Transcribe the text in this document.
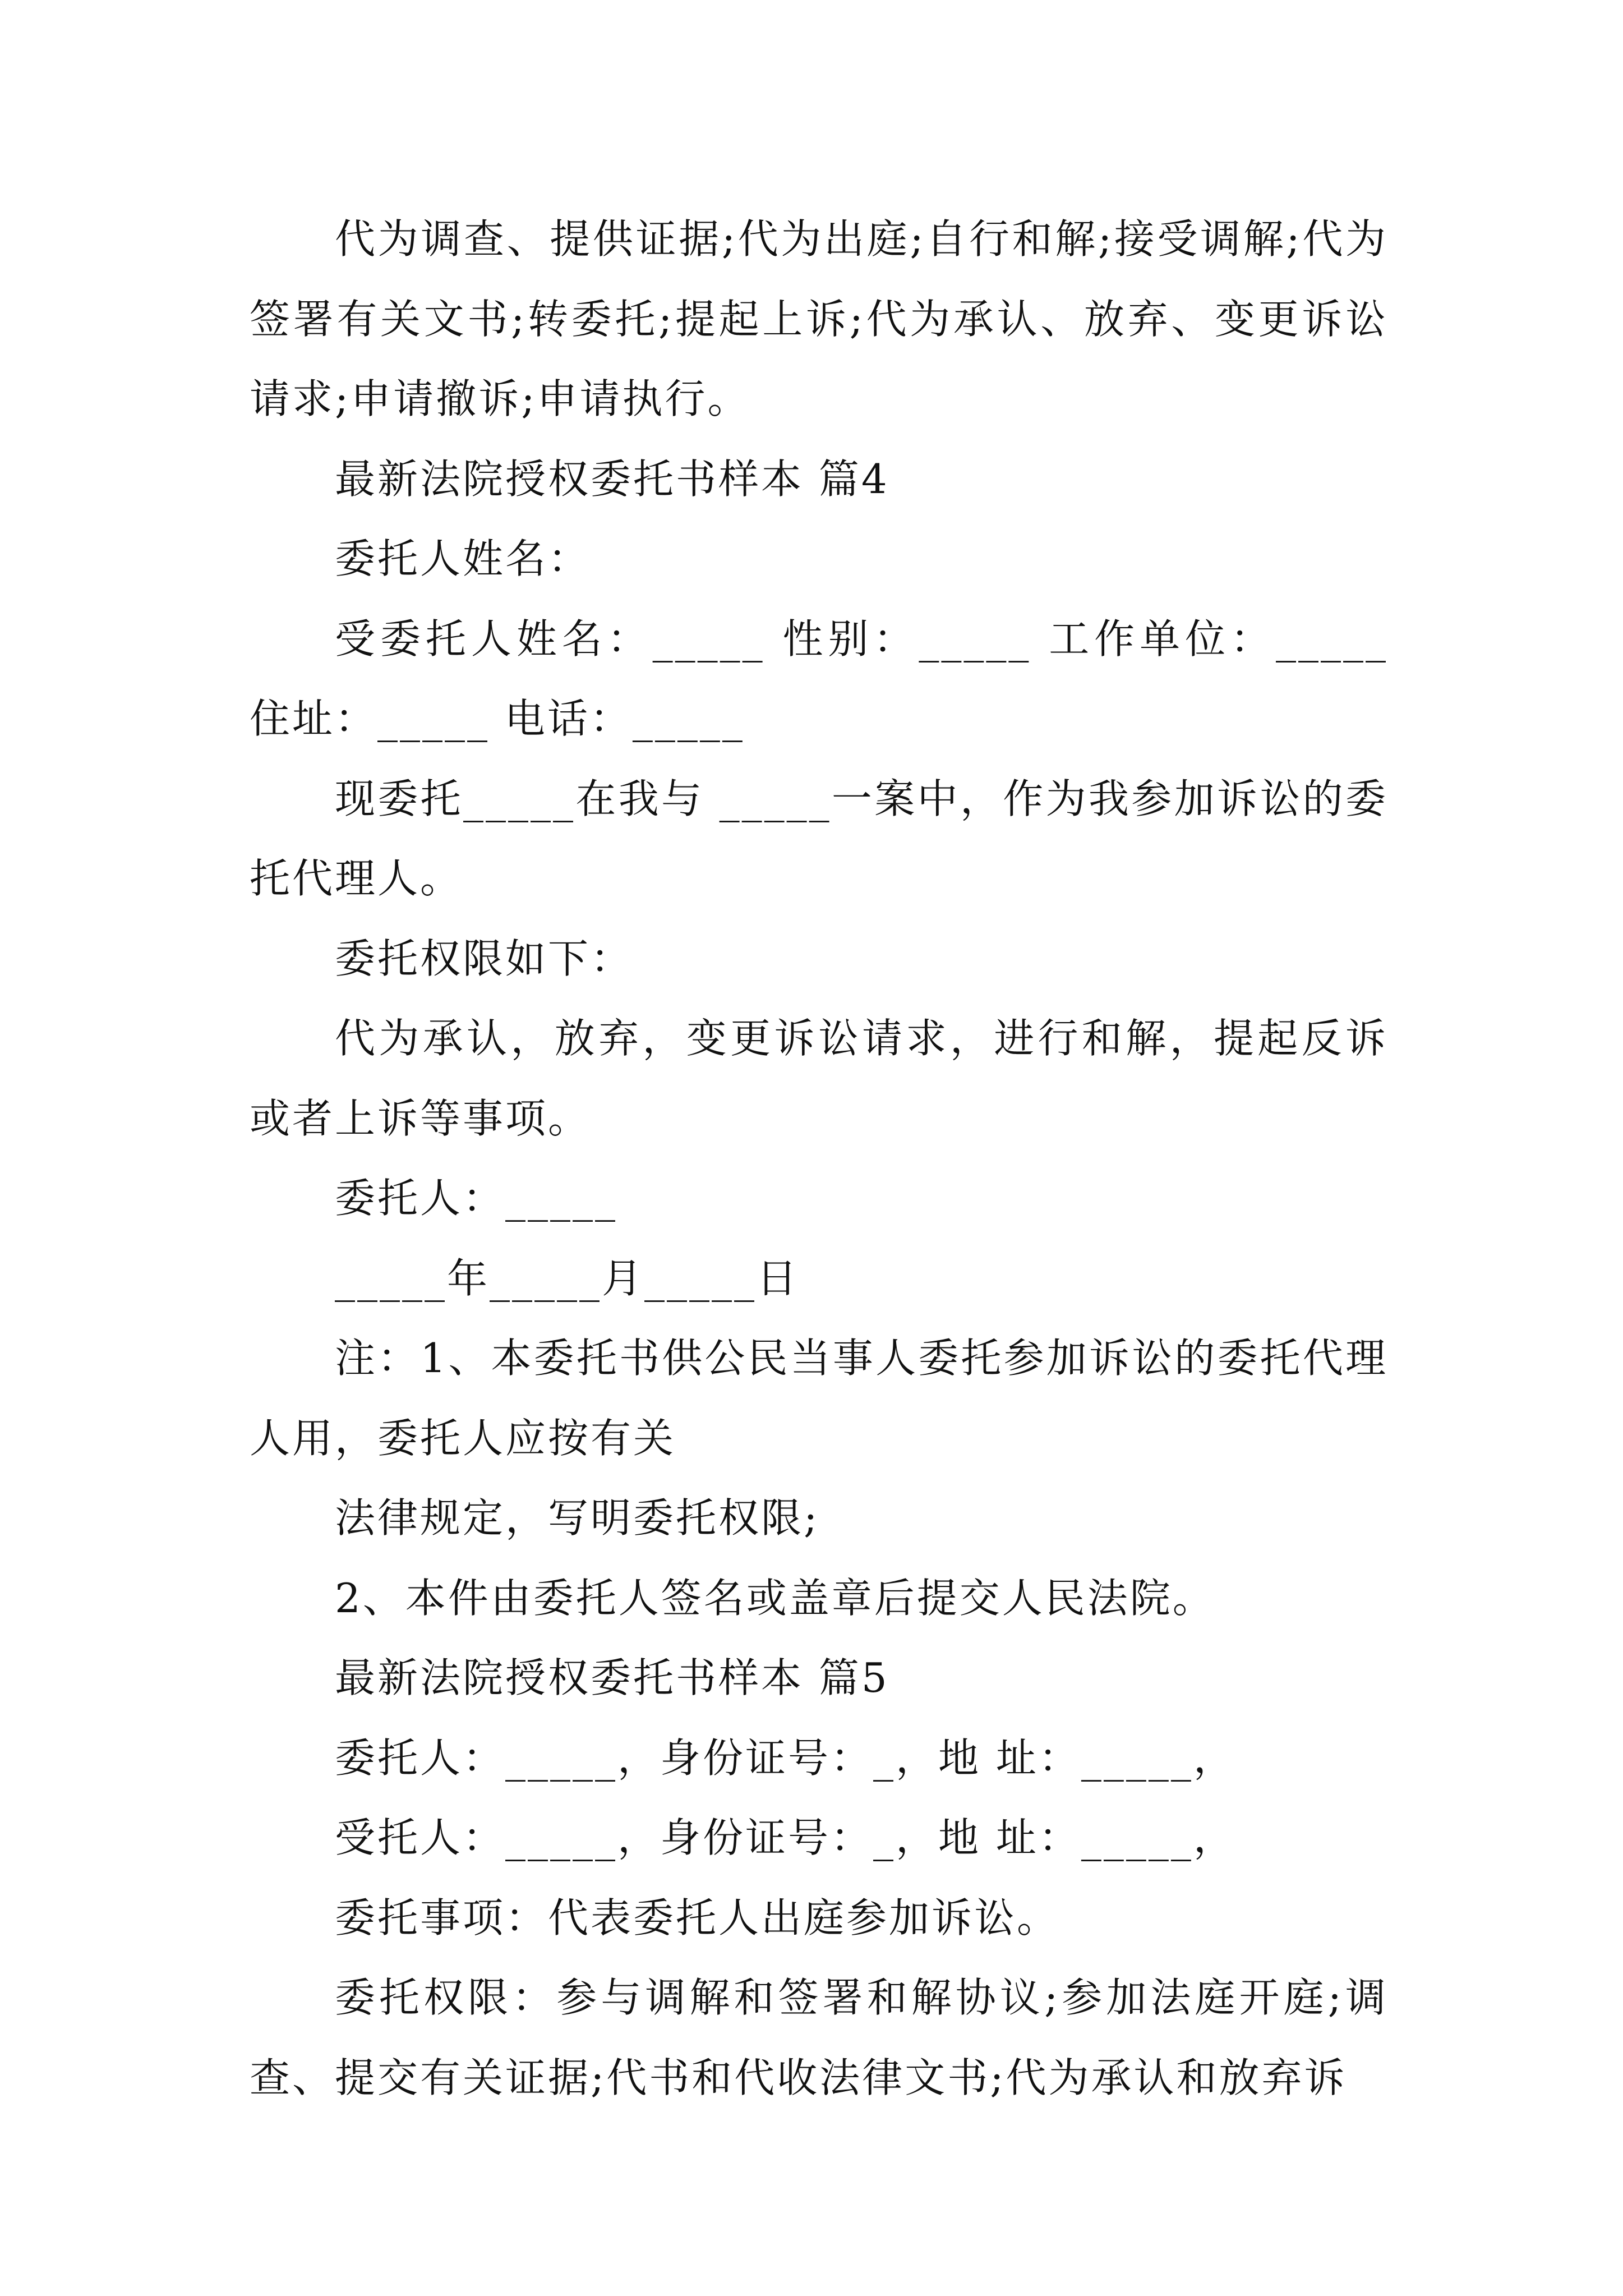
代为调查、提供证据;代为出庭;自行和解;接受调解;代为签署有关文书;转委托;提起上诉;代为承认、放弃、变更诉讼请求;申请撤诉;申请执行。

最新法院授权委托书样本 篇4

委托人姓名：

受委托人姓名：_____ 性别：_____ 工作单位：_____ 住址：_____ 电话：_____

现委托_____在我与 _____一案中，作为我参加诉讼的委托代理人。

委托权限如下：

代为承认，放弃，变更诉讼请求，进行和解，提起反诉或者上诉等事项。

委托人：_____

_____年_____月_____日

注：1、本委托书供公民当事人委托参加诉讼的委托代理人用，委托人应按有关

法律规定，写明委托权限;

2、本件由委托人签名或盖章后提交人民法院。

最新法院授权委托书样本 篇5

委托人：_____，身份证号：_，地 址：_____，

受托人：_____，身份证号：_，地 址：_____，

委托事项：代表委托人出庭参加诉讼。

委托权限：参与调解和签署和解协议;参加法庭开庭;调查、提交有关证据;代书和代收法律文书;代为承认和放弃诉
